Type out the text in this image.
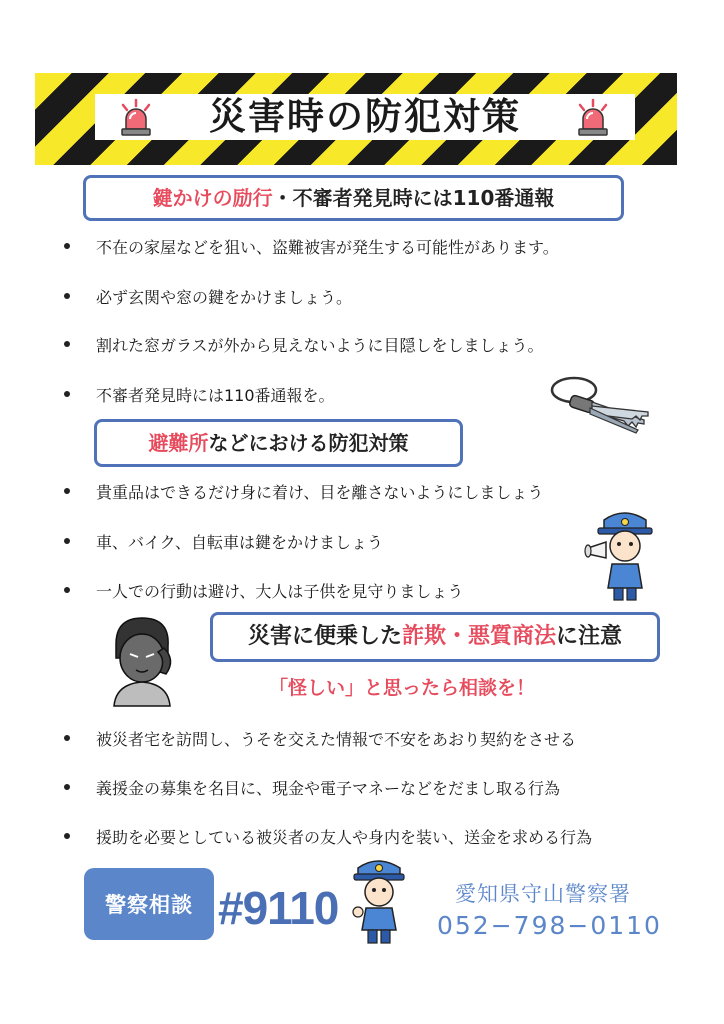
災害時の防犯対策
鍵かけの励行 ・不審者発見時には110番通報
不在の家屋などを狙い、盗難被害が発生する可能性があります。
必ず玄関や窓の鍵をかけましょう。
割れた窓ガラスが外から見えないように目隠しをしましょう。
不審者発見時には110番通報を。
避難所 などにおける防犯対策
貴重品はできるだけ身に着け、目を離さないようにしましょう
車、バイク、自転車は鍵をかけましょう
一人での行動は避け、大人は子供を見守りましょう
災害に便乗した 詐欺・悪質商法 に注意
「怪しい」と思ったら相談を！
被災者宅を訪問し、うそを交えた情報で不安をあおり契約をさせる
義援金の募集を名目に、現金や電子マネーなどをだまし取る行為
援助を必要としている被災者の友人や身内を装い、送金を求める行為
警察相談 #9110	愛知県守山警察署
052−798−0110
